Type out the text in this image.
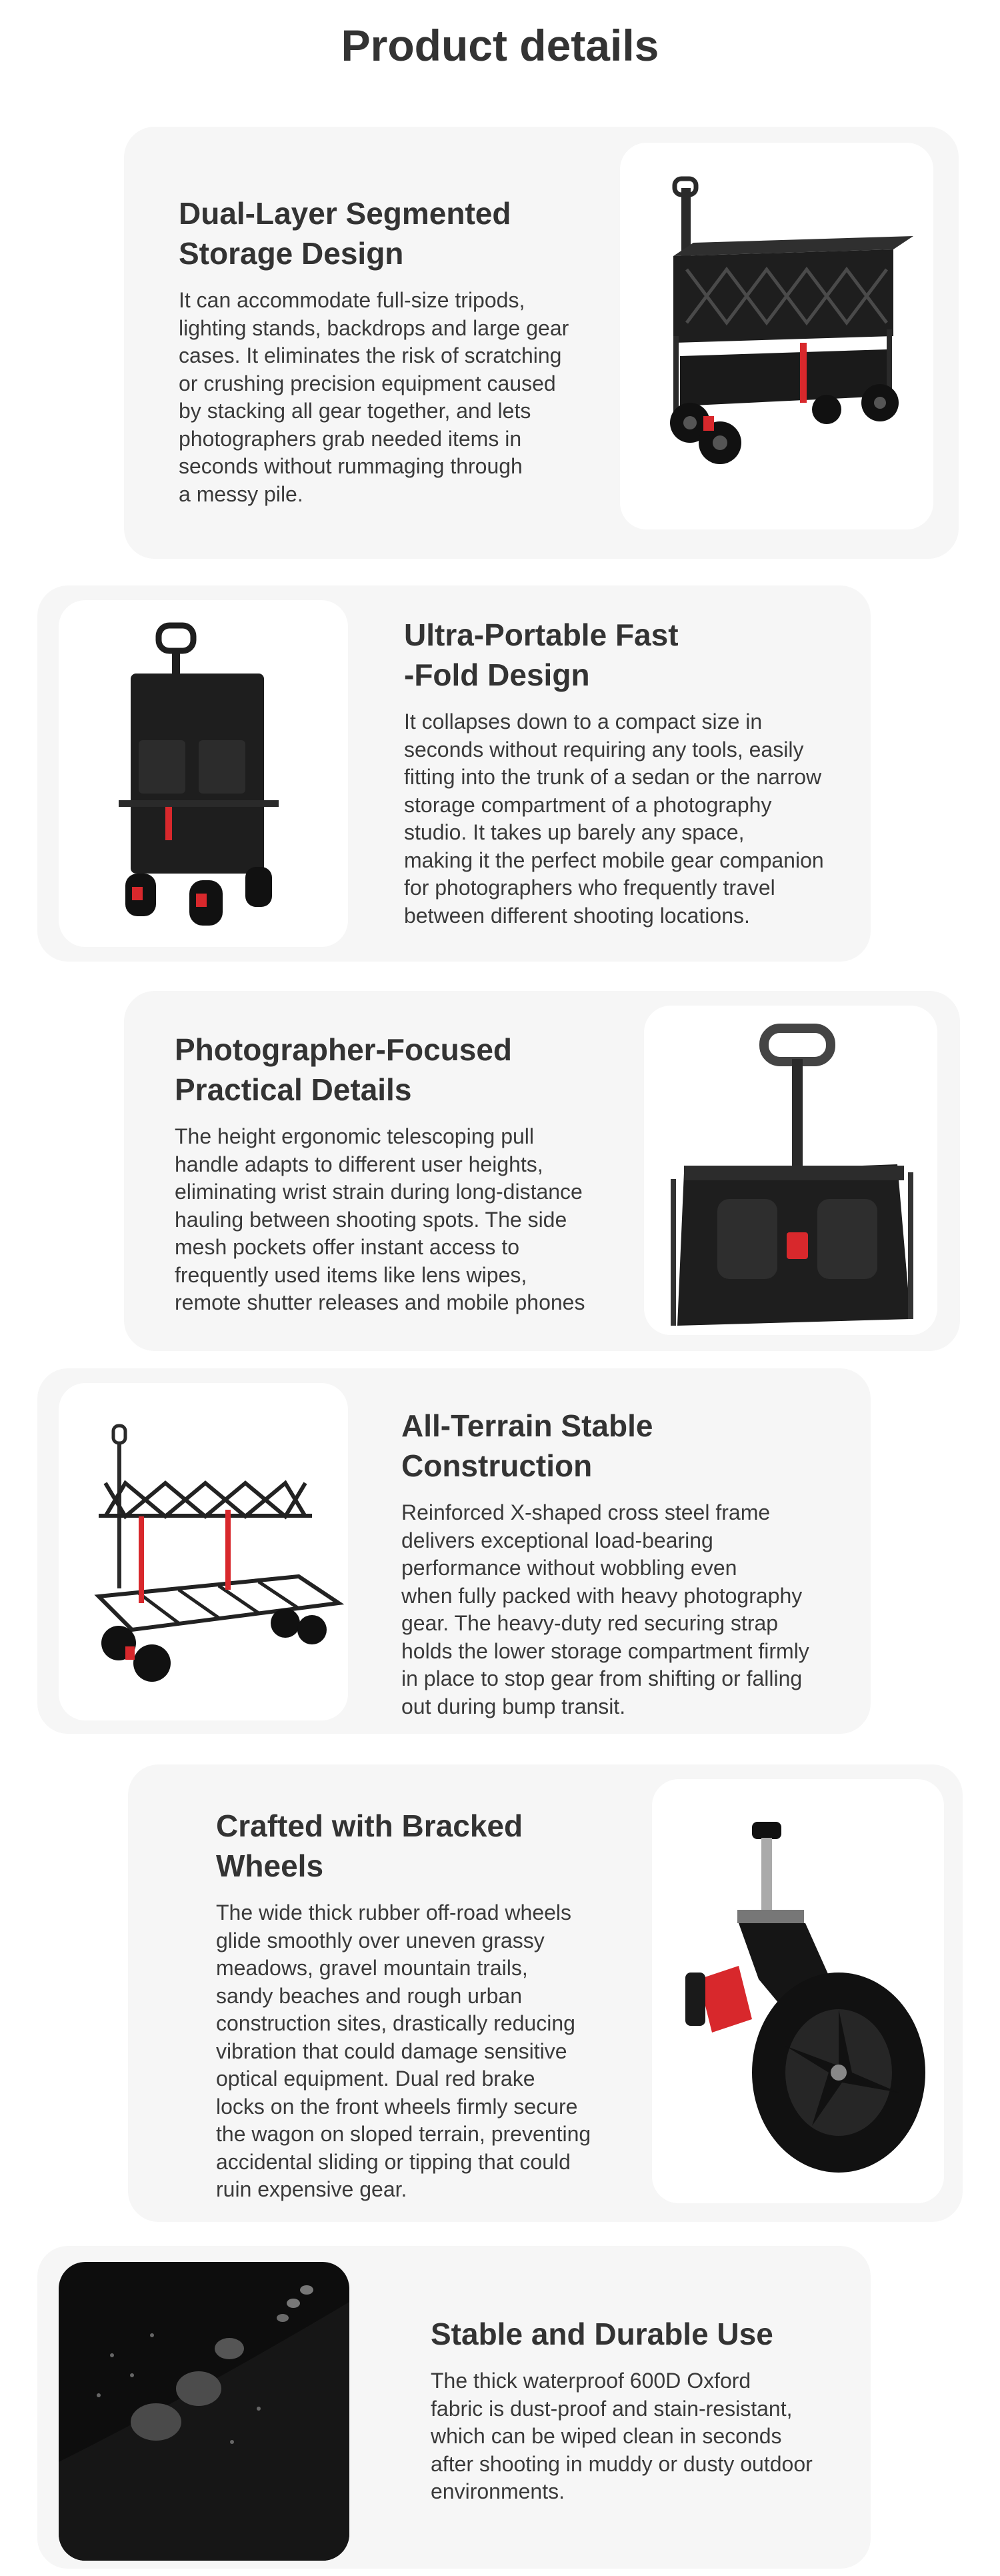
Product details
Dual-Layer Segmented
Storage Design

It can accommodate full-size tripods,
lighting stands, backdrops and large gear
cases. It eliminates the risk of scratching
or crushing precision equipment caused
by stacking all gear together, and lets
photographers grab needed items in
seconds without rummaging through
a messy pile.

Ultra-Portable Fast
-Fold Design

It collapses down to a compact size in
seconds without requiring any tools, easily
fitting into the trunk of a sedan or the narrow
storage compartment of a photography
studio. It takes up barely any space,
making it the perfect mobile gear companion
for photographers who frequently travel
between different shooting locations.

Photographer-Focused
Practical Details

The height ergonomic telescoping pull
handle adapts to different user heights,
eliminating wrist strain during long-distance
hauling between shooting spots. The side
mesh pockets offer instant access to
frequently used items like lens wipes,
remote shutter releases and mobile phones

All-Terrain Stable
Construction

Reinforced X-shaped cross steel frame
delivers exceptional load-bearing
performance without wobbling even
when fully packed with heavy photography
gear. The heavy-duty red securing strap
holds the lower storage compartment firmly
in place to stop gear from shifting or falling
out during bump transit.

Crafted with Bracked
Wheels

The wide thick rubber off-road wheels
glide smoothly over uneven grassy
meadows, gravel mountain trails,
sandy beaches and rough urban
construction sites, drastically reducing
vibration that could damage sensitive
optical equipment. Dual red brake
locks on the front wheels firmly secure
the wagon on sloped terrain, preventing
accidental sliding or tipping that could
ruin expensive gear.

Stable and Durable Use

The thick waterproof 600D Oxford
fabric is dust-proof and stain-resistant,
which can be wiped clean in seconds
after shooting in muddy or dusty outdoor
environments.
